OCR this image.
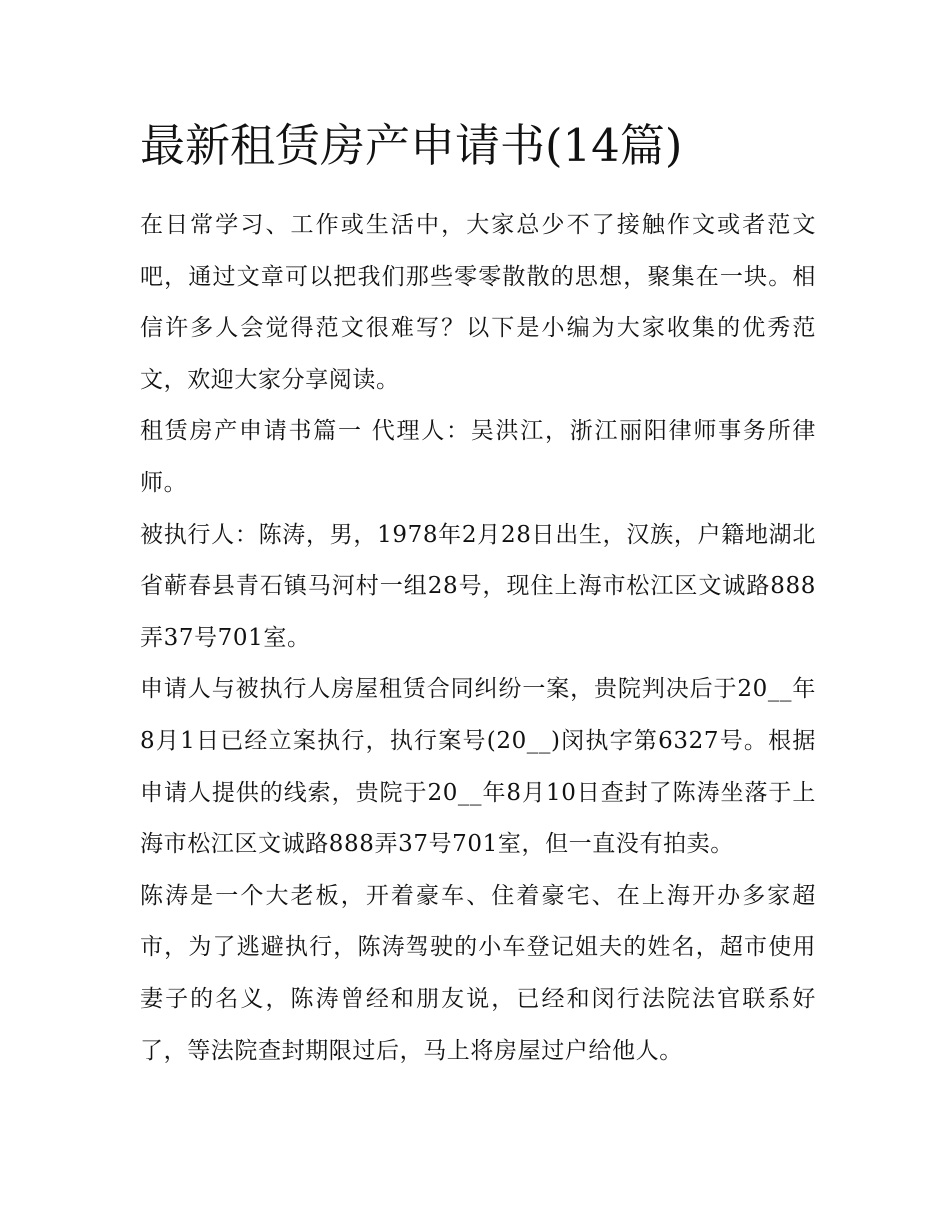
最新租赁房产申请书(14篇)

在日常学习、工作或生活中，大家总少不了接触作文或者范文吧，通过文章可以把我们那些零零散散的思想，聚集在一块。相信许多人会觉得范文很难写？以下是小编为大家收集的优秀范文，欢迎大家分享阅读。

租赁房产申请书篇一 代理人：吴洪江，浙江丽阳律师事务所律师。

被执行人：陈涛，男，1978年2月28日出生，汉族，户籍地湖北省蕲春县青石镇马河村一组28号，现住上海市松江区文诚路888弄37号701室。

申请人与被执行人房屋租赁合同纠纷一案，贵院判决后于20__年8月1日已经立案执行，执行案号(20__)闵执字第6327号。根据申请人提供的线索，贵院于20__年8月10日查封了陈涛坐落于上海市松江区文诚路888弄37号701室，但一直没有拍卖。

陈涛是一个大老板，开着豪车、住着豪宅、在上海开办多家超市，为了逃避执行，陈涛驾驶的小车登记姐夫的姓名，超市使用妻子的名义，陈涛曾经和朋友说，已经和闵行法院法官联系好了，等法院查封期限过后，马上将房屋过户给他人。
